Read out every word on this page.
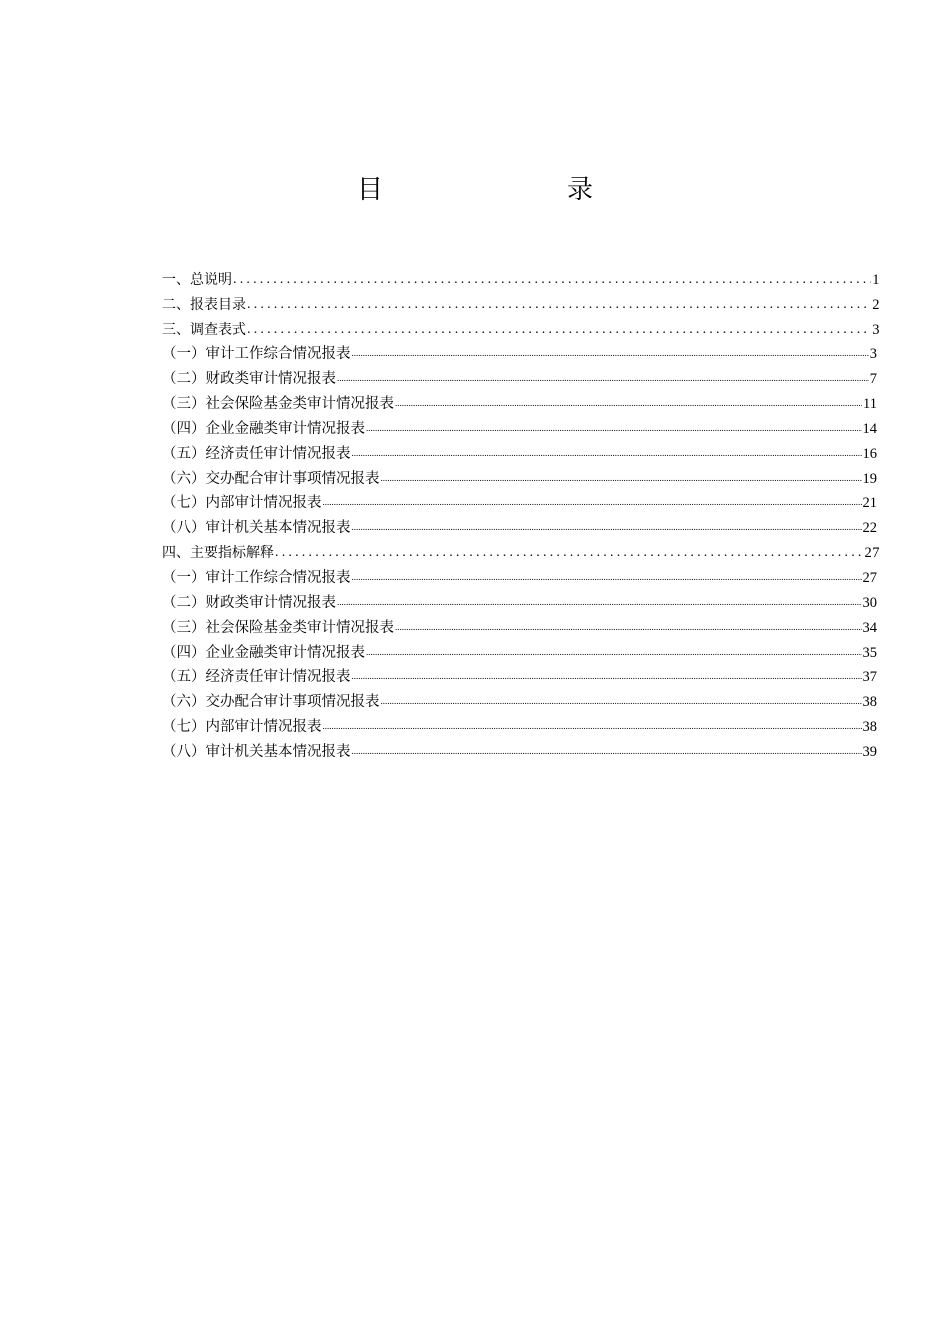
目　　录
一、总说明 .....	1
二、报表目录 .....	2
三、调查表式 .....	3
（一）审计工作综合情况报表 .....	3
（二）财政类审计情况报表 .....	7
（三）社会保险基金类审计情况报表 .....	11
（四）企业金融类审计情况报表 .....	14
（五）经济责任审计情况报表 .....	16
（六）交办配合审计事项情况报表 .....	19
（七）内部审计情况报表 .....	21
（八）审计机关基本情况报表 .....	22
四、主要指标解释 .....	27
（一）审计工作综合情况报表 .....	27
（二）财政类审计情况报表 .....	30
（三）社会保险基金类审计情况报表 .....	34
（四）企业金融类审计情况报表 .....	35
（五）经济责任审计情况报表 .....	37
（六）交办配合审计事项情况报表 .....	38
（七）内部审计情况报表 .....	38
（八）审计机关基本情况报表 .....	39
